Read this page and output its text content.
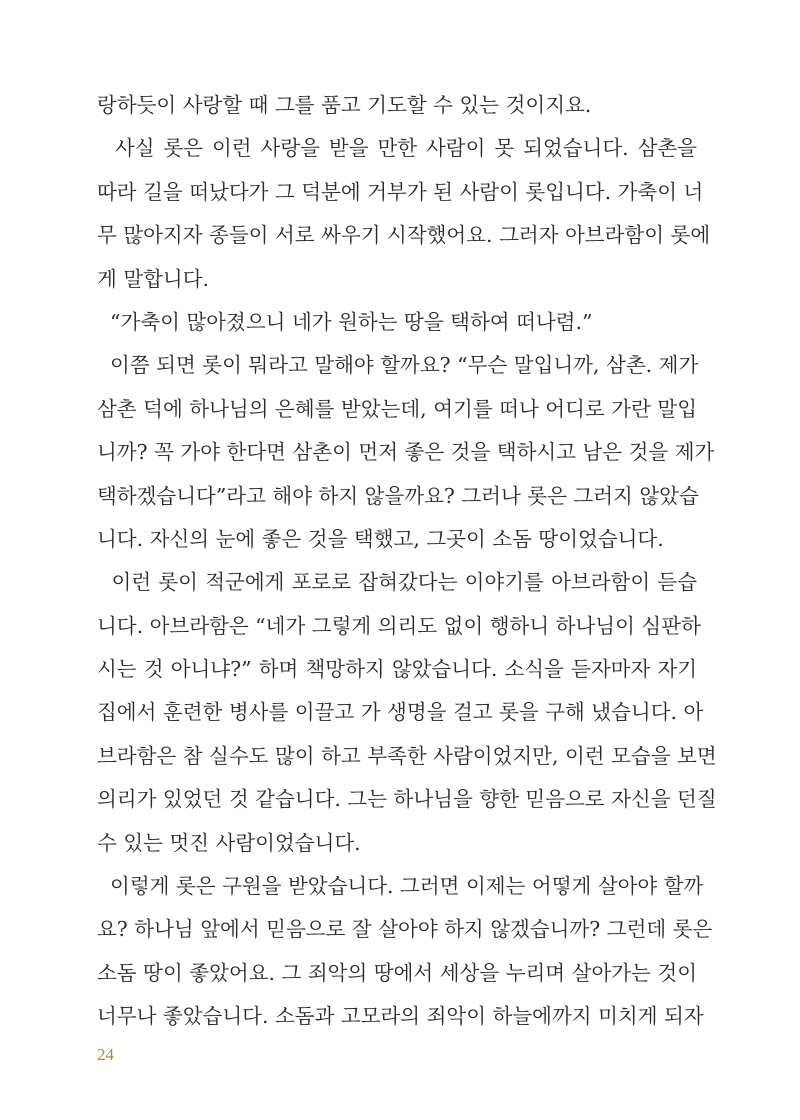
랑하듯이 사랑할 때 그를 품고 기도할 수 있는 것이지요.
사실 롯은 이런 사랑을 받을 만한 사람이 못 되었습니다. 삼촌을
따라 길을 떠났다가 그 덕분에 거부가 된 사람이 롯입니다. 가축이 너
무 많아지자 종들이 서로 싸우기 시작했어요. 그러자 아브라함이 롯에
게 말합니다.
“가축이 많아졌으니 네가 원하는 땅을 택하여 떠나렴.”
이쯤 되면 롯이 뭐라고 말해야 할까요? “무슨 말입니까, 삼촌. 제가
삼촌 덕에 하나님의 은혜를 받았는데, 여기를 떠나 어디로 가란 말입
니까? 꼭 가야 한다면 삼촌이 먼저 좋은 것을 택하시고 남은 것을 제가
택하겠습니다”라고 해야 하지 않을까요? 그러나 롯은 그러지 않았습
니다. 자신의 눈에 좋은 것을 택했고, 그곳이 소돔 땅이었습니다.
이런 롯이 적군에게 포로로 잡혀갔다는 이야기를 아브라함이 듣습
니다. 아브라함은 “네가 그렇게 의리도 없이 행하니 하나님이 심판하
시는 것 아니냐?” 하며 책망하지 않았습니다. 소식을 듣자마자 자기
집에서 훈련한 병사를 이끌고 가 생명을 걸고 롯을 구해 냈습니다. 아
브라함은 참 실수도 많이 하고 부족한 사람이었지만, 이런 모습을 보면
의리가 있었던 것 같습니다. 그는 하나님을 향한 믿음으로 자신을 던질
수 있는 멋진 사람이었습니다.
이렇게 롯은 구원을 받았습니다. 그러면 이제는 어떻게 살아야 할까
요? 하나님 앞에서 믿음으로 잘 살아야 하지 않겠습니까? 그런데 롯은
소돔 땅이 좋았어요. 그 죄악의 땅에서 세상을 누리며 살아가는 것이
너무나 좋았습니다. 소돔과 고모라의 죄악이 하늘에까지 미치게 되자
24
